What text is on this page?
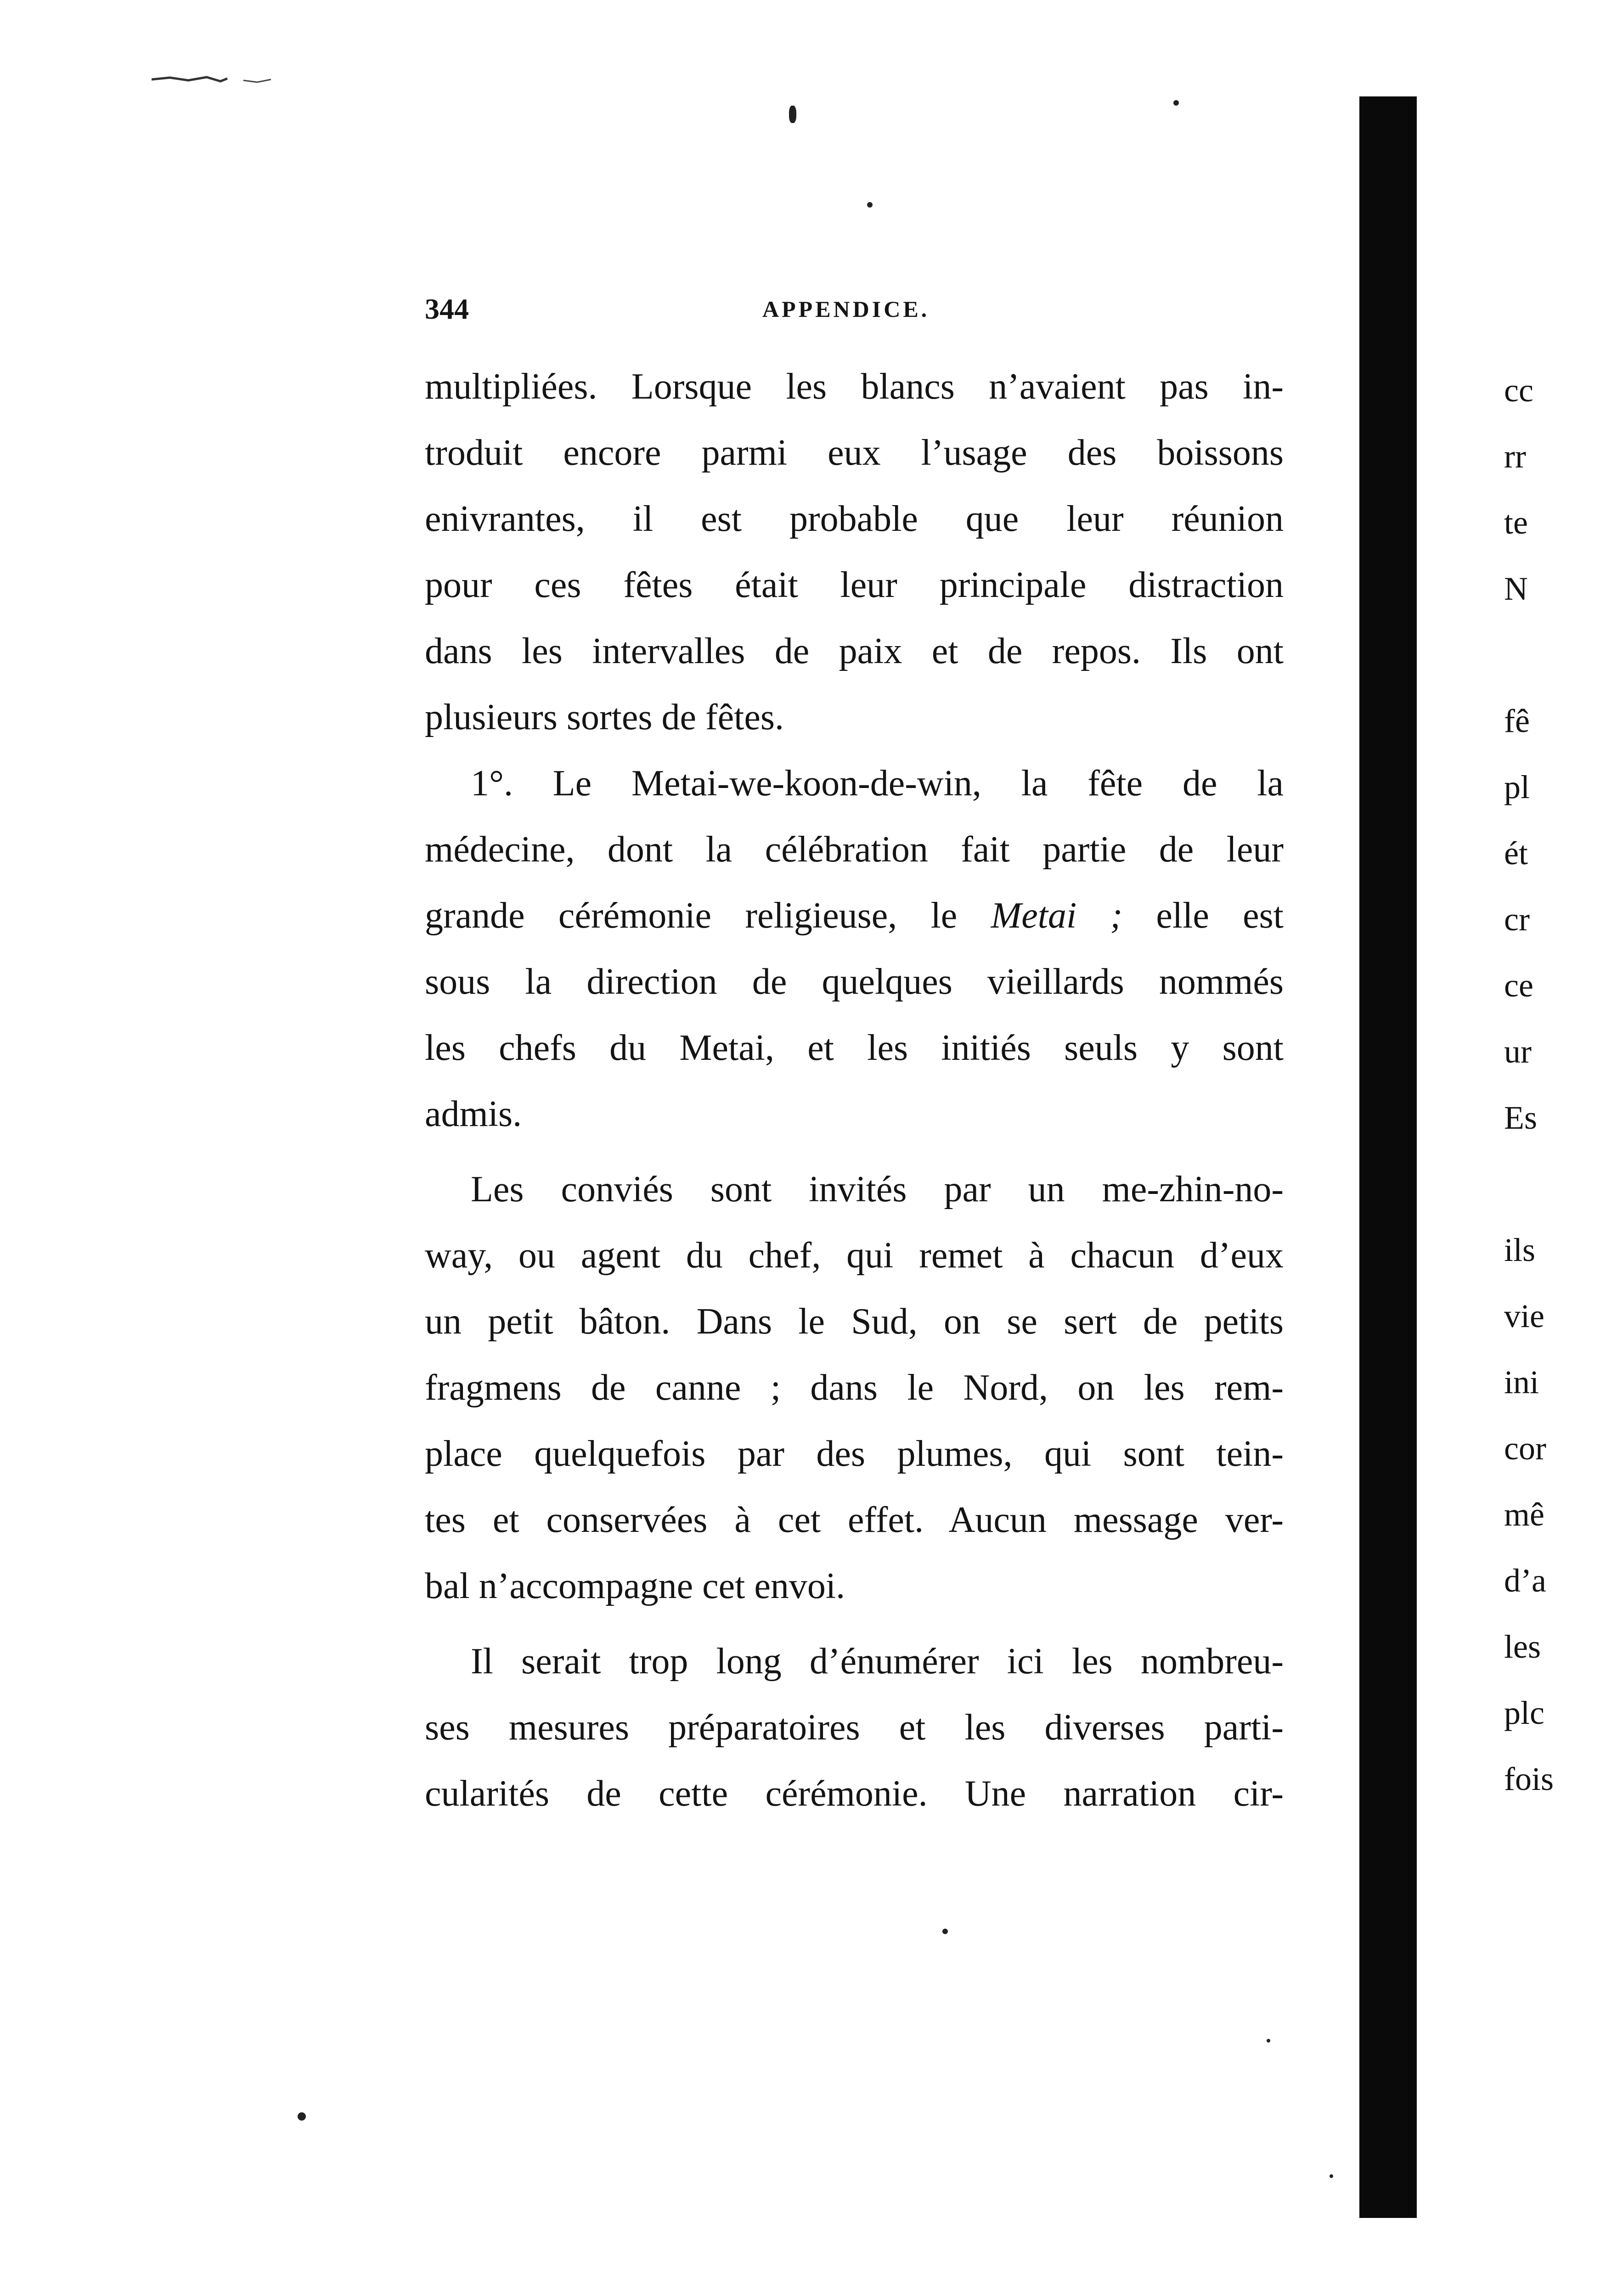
344	APPENDICE.

multipliées. Lorsque les blancs n’avaient pas in-
troduit encore parmi eux l’usage des boissons
enivrantes, il est probable que leur réunion
pour ces fêtes était leur principale distraction
dans les intervalles de paix et de repos. Ils ont
plusieurs sortes de fêtes.

1°. Le Metai-we-koon-de-win, la fête de la
médecine, dont la célébration fait partie de leur
grande cérémonie religieuse, le Metai ; elle est
sous la direction de quelques vieillards nommés
les chefs du Metai, et les initiés seuls y sont
admis.

Les conviés sont invités par un me-zhin-no-
way, ou agent du chef, qui remet à chacun d’eux
un petit bâton. Dans le Sud, on se sert de petits
fragmens de canne ; dans le Nord, on les rem-
place quelquefois par des plumes, qui sont tein-
tes et conservées à cet effet. Aucun message ver-
bal n’accompagne cet envoi.

Il serait trop long d’énumérer ici les nombreu-
ses mesures préparatoires et les diverses parti-
cularités de cette cérémonie. Une narration cir-

cc
rr
te
N
fê
pl
ét
cr
ce
ur
Es
ils
vie
ini
cor
mê
d’a
les
plc
fois
